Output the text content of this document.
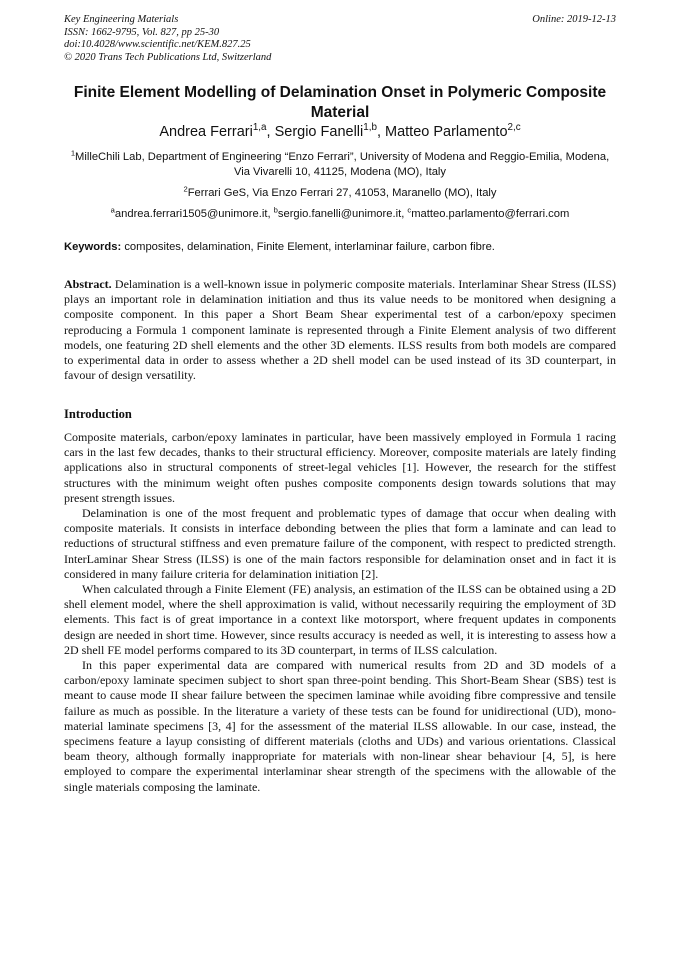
Key Engineering Materials
ISSN: 1662-9795, Vol. 827, pp 25-30
doi:10.4028/www.scientific.net/KEM.827.25
© 2020 Trans Tech Publications Ltd, Switzerland
Online: 2019-12-13
Finite Element Modelling of Delamination Onset in Polymeric Composite Material
Andrea Ferrari$^{1,a}$, Sergio Fanelli$^{1,b}$, Matteo Parlamento$^{2,c}$
$^1$MilleChili Lab, Department of Engineering “Enzo Ferrari”, University of Modena and Reggio-Emilia, Modena, Via Vivarelli 10, 41125, Modena (MO), Italy
$^2$Ferrari GeS, Via Enzo Ferrari 27, 41053, Maranello (MO), Italy
$^a$andrea.ferrari1505@unimore.it, $^b$sergio.fanelli@unimore.it, $^c$matteo.parlamento@ferrari.com
Keywords: composites, delamination, Finite Element, interlaminar failure, carbon fibre.

Abstract. Delamination is a well-known issue in polymeric composite materials. Interlaminar Shear Stress (ILSS) plays an important role in delamination initiation and thus its value needs to be monitored when designing a composite component. In this paper a Short Beam Shear experimental test of a carbon/epoxy specimen reproducing a Formula 1 component laminate is represented through a Finite Element analysis of two different models, one featuring 2D shell elements and the other 3D elements. ILSS results from both models are compared to experimental data in order to assess whether a 2D shell model can be used instead of its 3D counterpart, in favour of design versatility.

Introduction

Composite materials, carbon/epoxy laminates in particular, have been massively employed in Formula 1 racing cars in the last few decades, thanks to their structural efficiency. Moreover, composite materials are lately finding applications also in structural components of street-legal vehicles [1]. However, the research for the stiffest structures with the minimum weight often pushes composite components design towards solutions that may present strength issues.

Delamination is one of the most frequent and problematic types of damage that occur when dealing with composite materials. It consists in interface debonding between the plies that form a laminate and can lead to reductions of structural stiffness and even premature failure of the component, with respect to predicted strength. InterLaminar Shear Stress (ILSS) is one of the main factors responsible for delamination onset and in fact it is considered in many failure criteria for delamination initiation [2].

When calculated through a Finite Element (FE) analysis, an estimation of the ILSS can be obtained using a 2D shell element model, where the shell approximation is valid, without necessarily requiring the employment of 3D elements. This fact is of great importance in a context like motorsport, where frequent updates in components design are needed in short time. However, since results accuracy is needed as well, it is interesting to assess how a 2D shell FE model performs compared to its 3D counterpart, in terms of ILSS calculation.

In this paper experimental data are compared with numerical results from 2D and 3D models of a carbon/epoxy laminate specimen subject to short span three-point bending. This Short-Beam Shear (SBS) test is meant to cause mode II shear failure between the specimen laminae while avoiding fibre compressive and tensile failure as much as possible. In the literature a variety of these tests can be found for unidirectional (UD), mono-material laminate specimens [3, 4] for the assessment of the material ILSS allowable. In our case, instead, the specimens feature a layup consisting of different materials (cloths and UDs) and various orientations. Classical beam theory, although formally inappropriate for materials with non-linear shear behaviour [4, 5], is here employed to compare the experimental interlaminar shear strength of the specimens with the allowable of the single materials composing the laminate.
